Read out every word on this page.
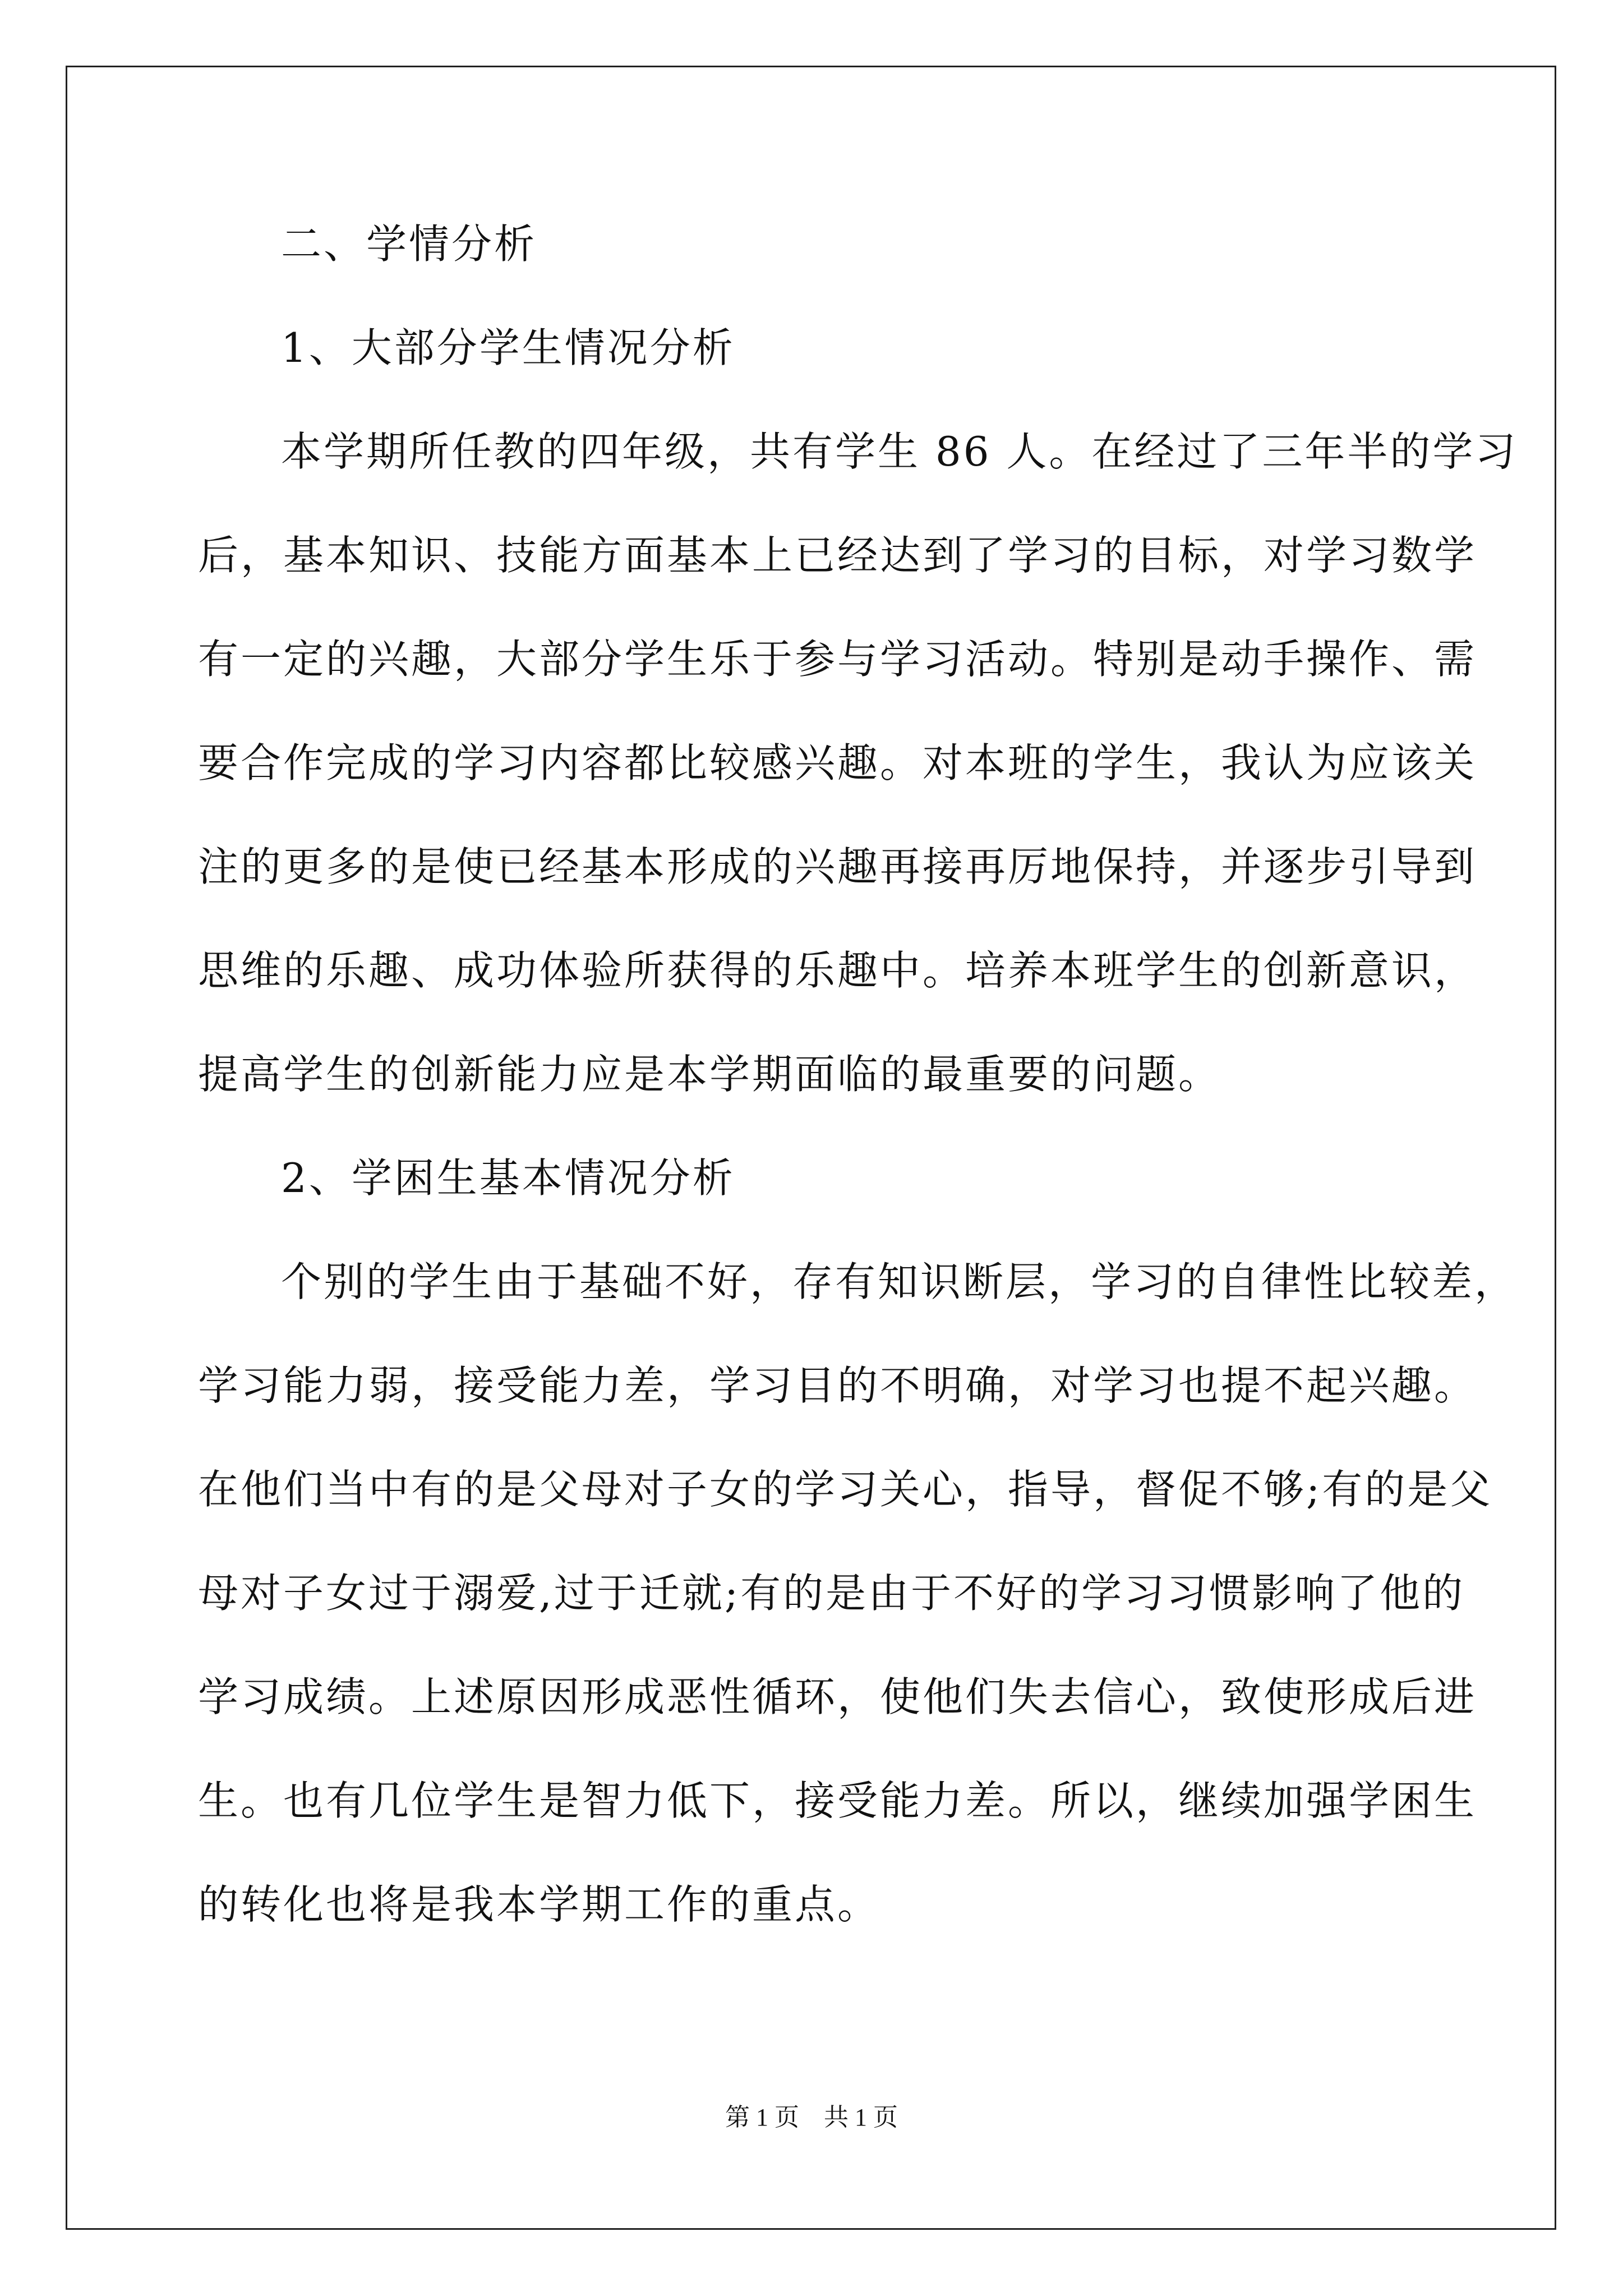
二、学情分析
1、大部分学生情况分析
本学期所任教的四年级，共有学生 86 人。在经过了三年半的学习
后，基本知识、技能方面基本上已经达到了学习的目标，对学习数学
有一定的兴趣，大部分学生乐于参与学习活动。特别是动手操作、需
要合作完成的学习内容都比较感兴趣。对本班的学生，我认为应该关
注的更多的是使已经基本形成的兴趣再接再厉地保持，并逐步引导到
思维的乐趣、成功体验所获得的乐趣中。培养本班学生的创新意识，
提高学生的创新能力应是本学期面临的最重要的问题。
2、学困生基本情况分析
个别的学生由于基础不好，存有知识断层，学习的自律性比较差，
学习能力弱，接受能力差，学习目的不明确，对学习也提不起兴趣。
在他们当中有的是父母对子女的学习关心，指导，督促不够;有的是父
母对子女过于溺爱,过于迁就;有的是由于不好的学习习惯影响了他的
学习成绩。上述原因形成恶性循环，使他们失去信心，致使形成后进
生。也有几位学生是智力低下，接受能力差。所以，继续加强学困生
的转化也将是我本学期工作的重点。
第 1 页　共 1 页
